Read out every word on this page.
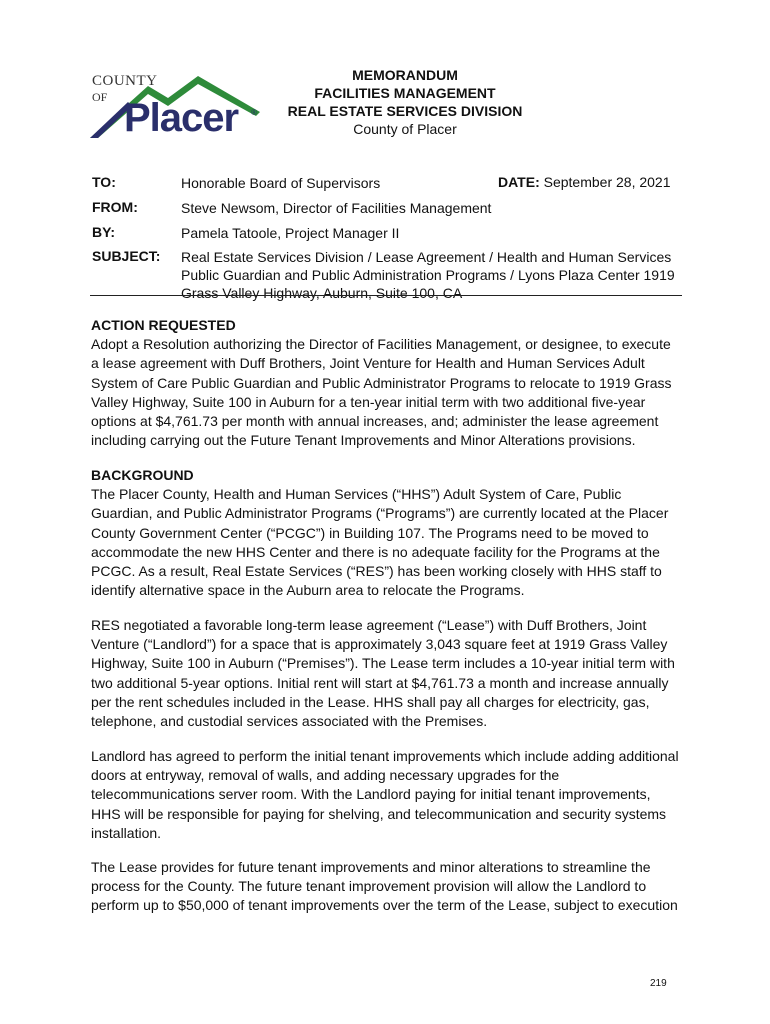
COUNTY
OF Placer ®
MEMORANDUM
FACILITIES MANAGEMENT
REAL ESTATE SERVICES DIVISION
County of Placer
TO:	Honorable Board of Supervisors	DATE: September 28, 2021
FROM:	Steve Newsom, Director of Facilities Management
BY:	Pamela Tatoole, Project Manager II
SUBJECT: Real Estate Services Division / Lease Agreement / Health and Human Services Public Guardian and Public Administration Programs / Lyons Plaza Center 1919 Grass Valley Highway, Auburn, Suite 100, CA

ACTION REQUESTED

Adopt a Resolution authorizing the Director of Facilities Management, or designee, to execute a lease agreement with Duff Brothers, Joint Venture for Health and Human Services Adult System of Care Public Guardian and Public Administrator Programs to relocate to 1919 Grass Valley Highway, Suite 100 in Auburn for a ten-year initial term with two additional five-year options at $4,761.73 per month with annual increases, and; administer the lease agreement including carrying out the Future Tenant Improvements and Minor Alterations provisions.

BACKGROUND

The Placer County, Health and Human Services (“HHS”) Adult System of Care, Public Guardian, and Public Administrator Programs (“Programs”) are currently located at the Placer County Government Center (“PCGC”) in Building 107. The Programs need to be moved to accommodate the new HHS Center and there is no adequate facility for the Programs at the PCGC. As a result, Real Estate Services (“RES”) has been working closely with HHS staff to identify alternative space in the Auburn area to relocate the Programs.

RES negotiated a favorable long-term lease agreement (“Lease”) with Duff Brothers, Joint Venture (“Landlord”) for a space that is approximately 3,043 square feet at 1919 Grass Valley Highway, Suite 100 in Auburn (“Premises”). The Lease term includes a 10-year initial term with two additional 5-year options. Initial rent will start at $4,761.73 a month and increase annually per the rent schedules included in the Lease. HHS shall pay all charges for electricity, gas, telephone, and custodial services associated with the Premises.

Landlord has agreed to perform the initial tenant improvements which include adding additional doors at entryway, removal of walls, and adding necessary upgrades for the telecommunications server room. With the Landlord paying for initial tenant improvements, HHS will be responsible for paying for shelving, and telecommunication and security systems installation.

The Lease provides for future tenant improvements and minor alterations to streamline the process for the County. The future tenant improvement provision will allow the Landlord to perform up to $50,000 of tenant improvements over the term of the Lease, subject to execution

219
